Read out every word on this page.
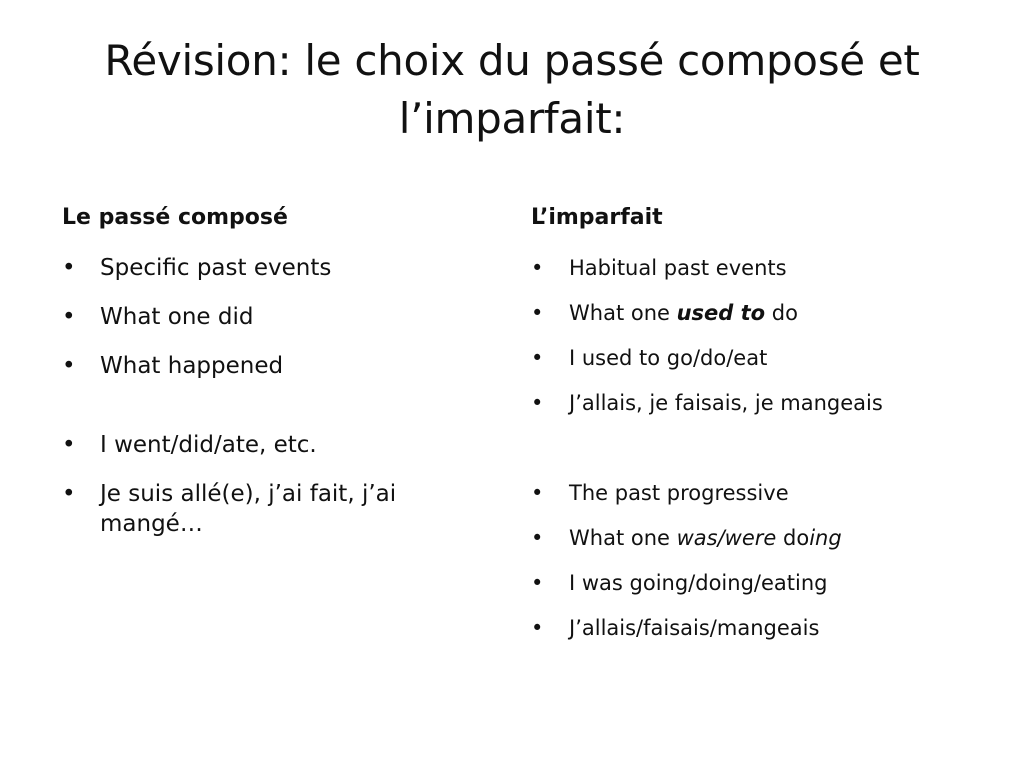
Révision: le choix du passé composé et l’imparfait:
Le passé composé
• Specific past events
• What one did
• What happened
• I went/did/ate, etc.
• Je suis allé(e), j’ai fait, j’ai mangé…
L’imparfait
• Habitual past events
• What one used to do
• I used to go/do/eat
• J’allais, je faisais, je mangeais
• The past progressive
• What one was/were doing
• I was going/doing/eating
• J’allais/faisais/mangeais
